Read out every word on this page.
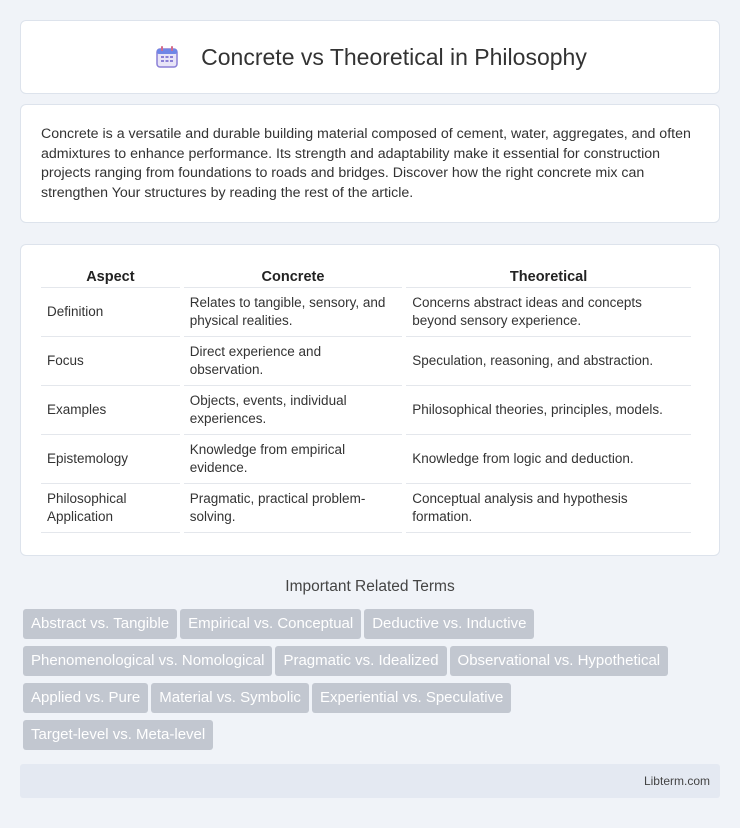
Concrete vs Theoretical in Philosophy

Concrete is a versatile and durable building material composed of cement, water, aggregates, and often admixtures to enhance performance. Its strength and adaptability make it essential for construction projects ranging from foundations to roads and bridges. Discover how the right concrete mix can strengthen Your structures by reading the rest of the article.

Aspect	Concrete	Theoretical
Definition	Relates to tangible, sensory, and physical realities.	Concerns abstract ideas and concepts beyond sensory experience.
Focus	Direct experience and observation.	Speculation, reasoning, and abstraction.
Examples	Objects, events, individual experiences.	Philosophical theories, principles, models.
Epistemology	Knowledge from empirical evidence.	Knowledge from logic and deduction.
Philosophical Application	Pragmatic, practical problem-solving.	Conceptual analysis and hypothesis formation.
Important Related Terms
Abstract vs. Tangible Empirical vs. Conceptual Deductive vs. Inductive
Phenomenological vs. Nomological Pragmatic vs. Idealized Observational vs. Hypothetical
Applied vs. Pure Material vs. Symbolic Experiential vs. Speculative
Target-level vs. Meta-level
Libterm.com
